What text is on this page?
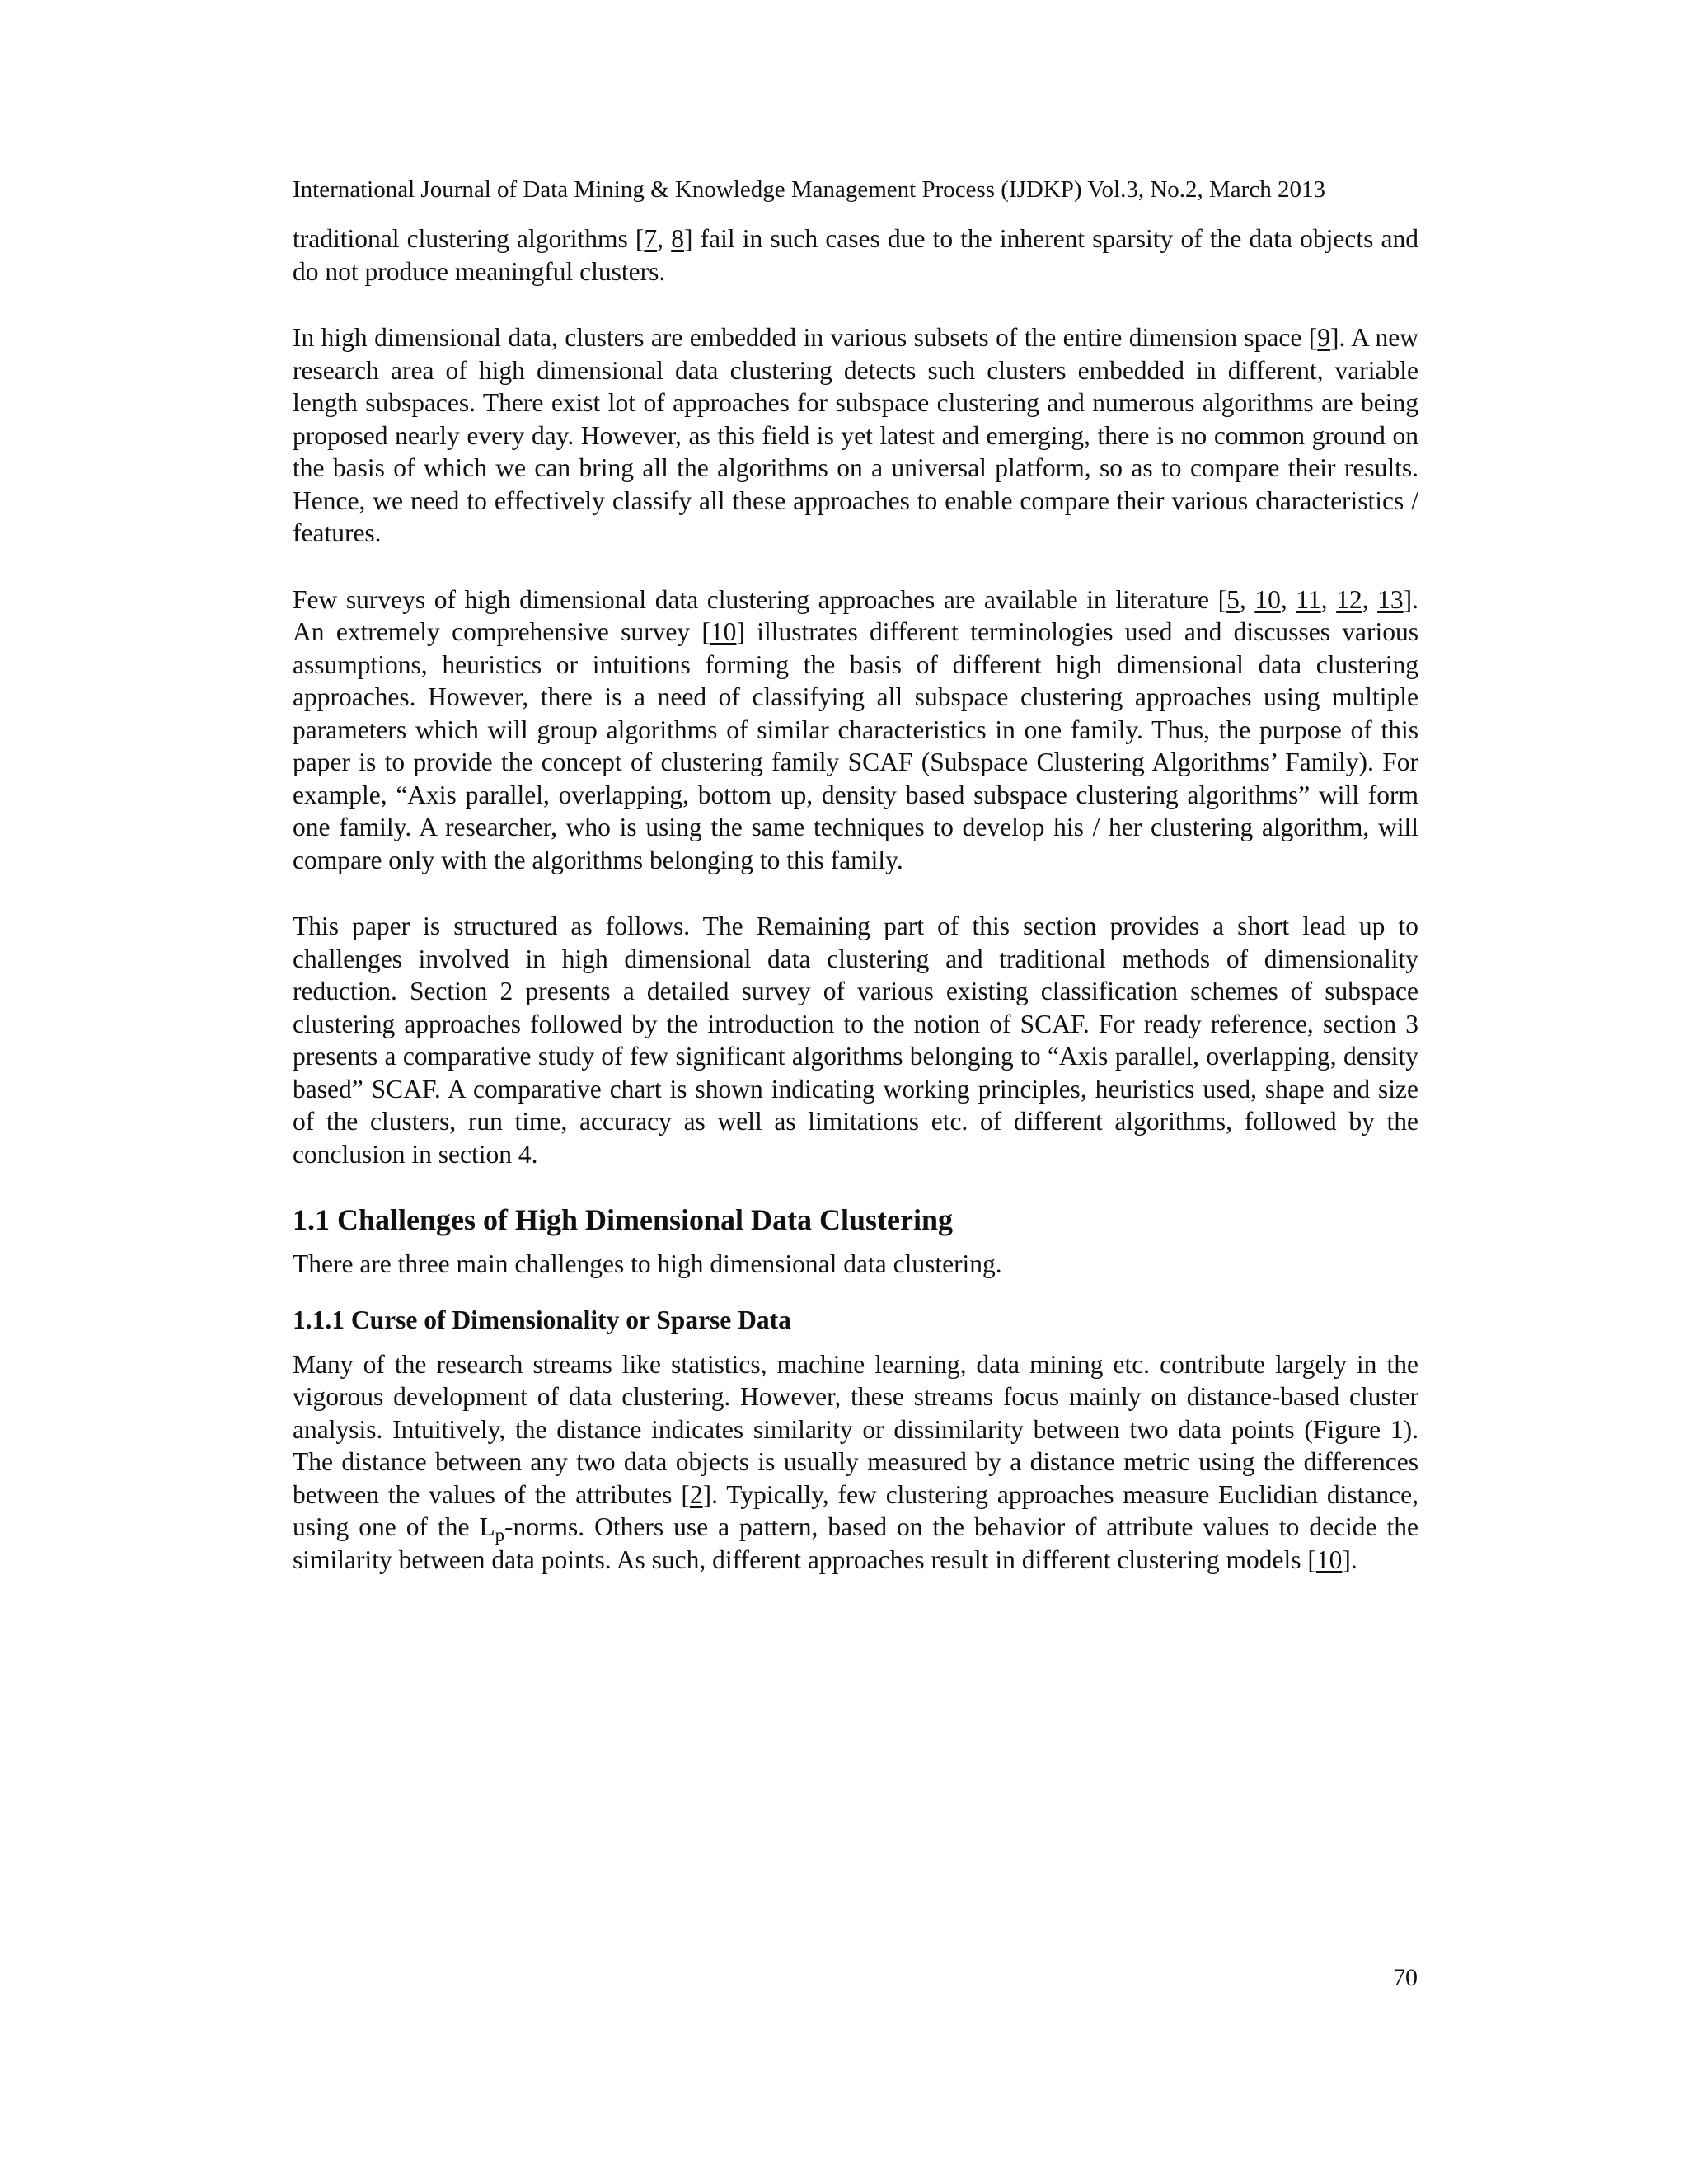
International Journal of Data Mining & Knowledge Management Process (IJDKP) Vol.3, No.2, March 2013

traditional clustering algorithms [7, 8] fail in such cases due to the inherent sparsity of the data objects and do not produce meaningful clusters.

In high dimensional data, clusters are embedded in various subsets of the entire dimension space [9]. A new research area of high dimensional data clustering detects such clusters embedded in different, variable length subspaces. There exist lot of approaches for subspace clustering and numerous algorithms are being proposed nearly every day. However, as this field is yet latest and emerging, there is no common ground on the basis of which we can bring all the algorithms on a universal platform, so as to compare their results. Hence, we need to effectively classify all these approaches to enable compare their various characteristics / features.

Few surveys of high dimensional data clustering approaches are available in literature [5, 10, 11, 12, 13]. An extremely comprehensive survey [10] illustrates different terminologies used and discusses various assumptions, heuristics or intuitions forming the basis of different high dimensional data clustering approaches. However, there is a need of classifying all subspace clustering approaches using multiple parameters which will group algorithms of similar characteristics in one family. Thus, the purpose of this paper is to provide the concept of clustering family SCAF (Subspace Clustering Algorithms’ Family). For example, “Axis parallel, overlapping, bottom up, density based subspace clustering algorithms” will form one family. A researcher, who is using the same techniques to develop his / her clustering algorithm, will compare only with the algorithms belonging to this family.

This paper is structured as follows. The Remaining part of this section provides a short lead up to challenges involved in high dimensional data clustering and traditional methods of dimensionality reduction. Section 2 presents a detailed survey of various existing classification schemes of subspace clustering approaches followed by the introduction to the notion of SCAF. For ready reference, section 3 presents a comparative study of few significant algorithms belonging to “Axis parallel, overlapping, density based” SCAF. A comparative chart is shown indicating working principles, heuristics used, shape and size of the clusters, run time, accuracy as well as limitations etc. of different algorithms, followed by the conclusion in section 4.

1.1 Challenges of High Dimensional Data Clustering

There are three main challenges to high dimensional data clustering.

1.1.1 Curse of Dimensionality or Sparse Data

Many of the research streams like statistics, machine learning, data mining etc. contribute largely in the vigorous development of data clustering. However, these streams focus mainly on distance-based cluster analysis. Intuitively, the distance indicates similarity or dissimilarity between two data points (Figure 1). The distance between any two data objects is usually measured by a distance metric using the differences between the values of the attributes [2]. Typically, few clustering approaches measure Euclidian distance, using one of the $L_p$-norms. Others use a pattern, based on the behavior of attribute values to decide the similarity between data points. As such, different approaches result in different clustering models [10].

70
